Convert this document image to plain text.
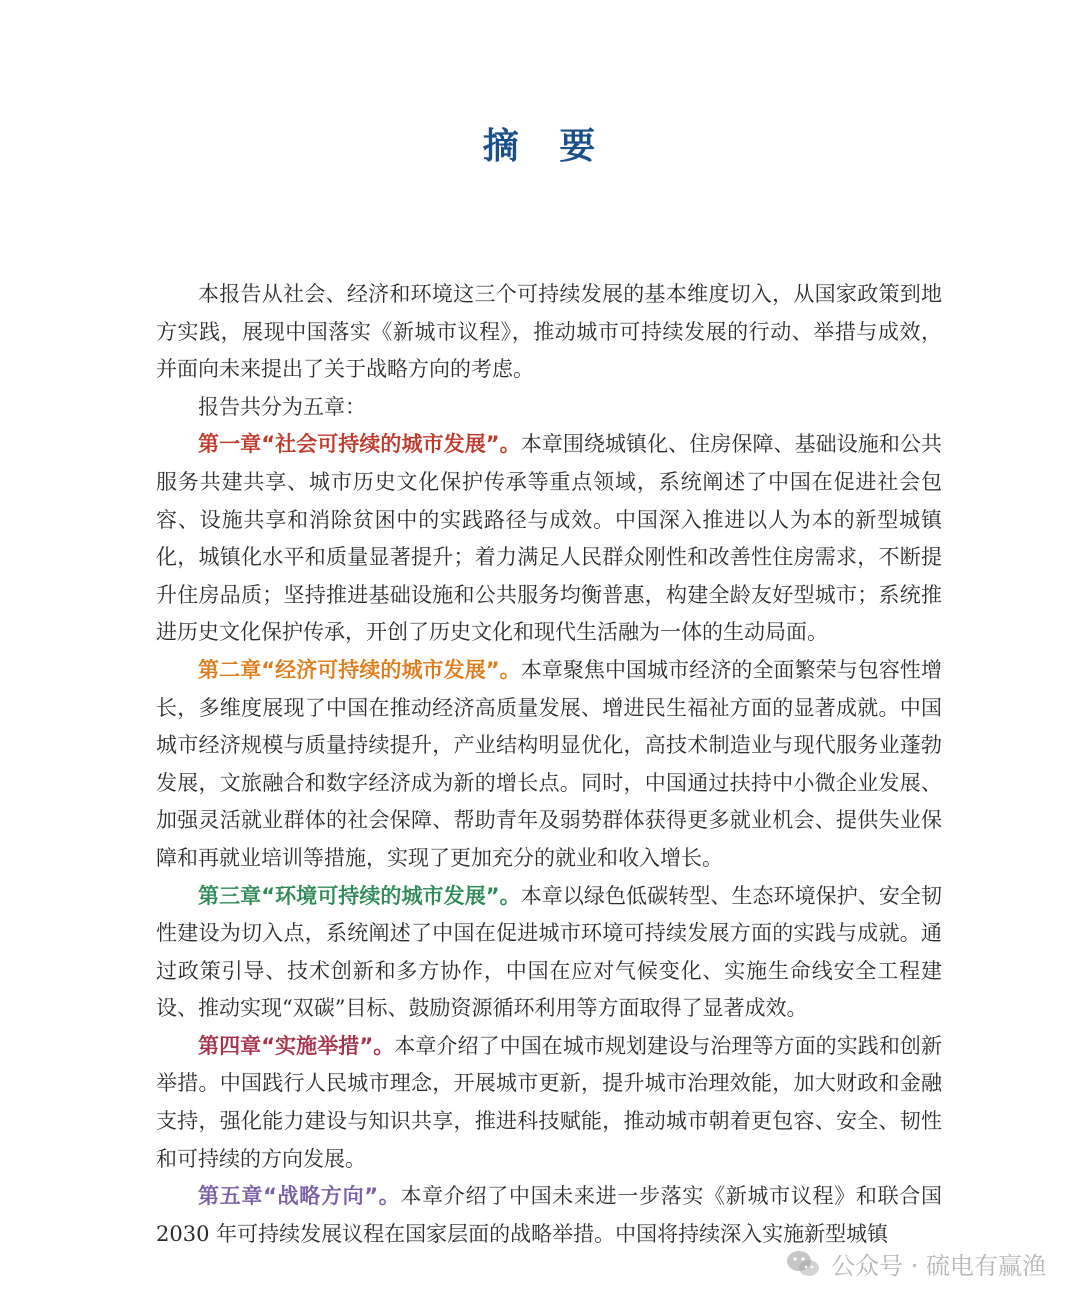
摘 要

本报告从社会、经济和环境这三个可持续发展的基本维度切入，从国家政策到地方实践，展现中国落实《新城市议程》，推动城市可持续发展的行动、举措与成效，并面向未来提出了关于战略方向的考虑。

报告共分为五章：

第一章“社会可持续的城市发展”。本章围绕城镇化、住房保障、基础设施和公共服务共建共享、城市历史文化保护传承等重点领域，系统阐述了中国在促进社会包容、设施共享和消除贫困中的实践路径与成效。中国深入推进以人为本的新型城镇化，城镇化水平和质量显著提升；着力满足人民群众刚性和改善性住房需求，不断提升住房品质；坚持推进基础设施和公共服务均衡普惠，构建全龄友好型城市；系统推进历史文化保护传承，开创了历史文化和现代生活融为一体的生动局面。

第二章“经济可持续的城市发展”。本章聚焦中国城市经济的全面繁荣与包容性增长，多维度展现了中国在推动经济高质量发展、增进民生福祉方面的显著成就。中国城市经济规模与质量持续提升，产业结构明显优化，高技术制造业与现代服务业蓬勃发展，文旅融合和数字经济成为新的增长点。同时，中国通过扶持中小微企业发展、加强灵活就业群体的社会保障、帮助青年及弱势群体获得更多就业机会、提供失业保障和再就业培训等措施，实现了更加充分的就业和收入增长。

第三章“环境可持续的城市发展”。本章以绿色低碳转型、生态环境保护、安全韧性建设为切入点，系统阐述了中国在促进城市环境可持续发展方面的实践与成就。通过政策引导、技术创新和多方协作，中国在应对气候变化、实施生命线安全工程建设、推动实现“双碳”目标、鼓励资源循环利用等方面取得了显著成效。

第四章“实施举措”。本章介绍了中国在城市规划建设与治理等方面的实践和创新举措。中国践行人民城市理念，开展城市更新，提升城市治理效能，加大财政和金融支持，强化能力建设与知识共享，推进科技赋能，推动城市朝着更包容、安全、韧性和可持续的方向发展。

第五章“战略方向”。本章介绍了中国未来进一步落实《新城市议程》和联合国 2030 年可持续发展议程在国家层面的战略举措。中国将持续深入实施新型城镇

公众号 · 硫电有赢渔
